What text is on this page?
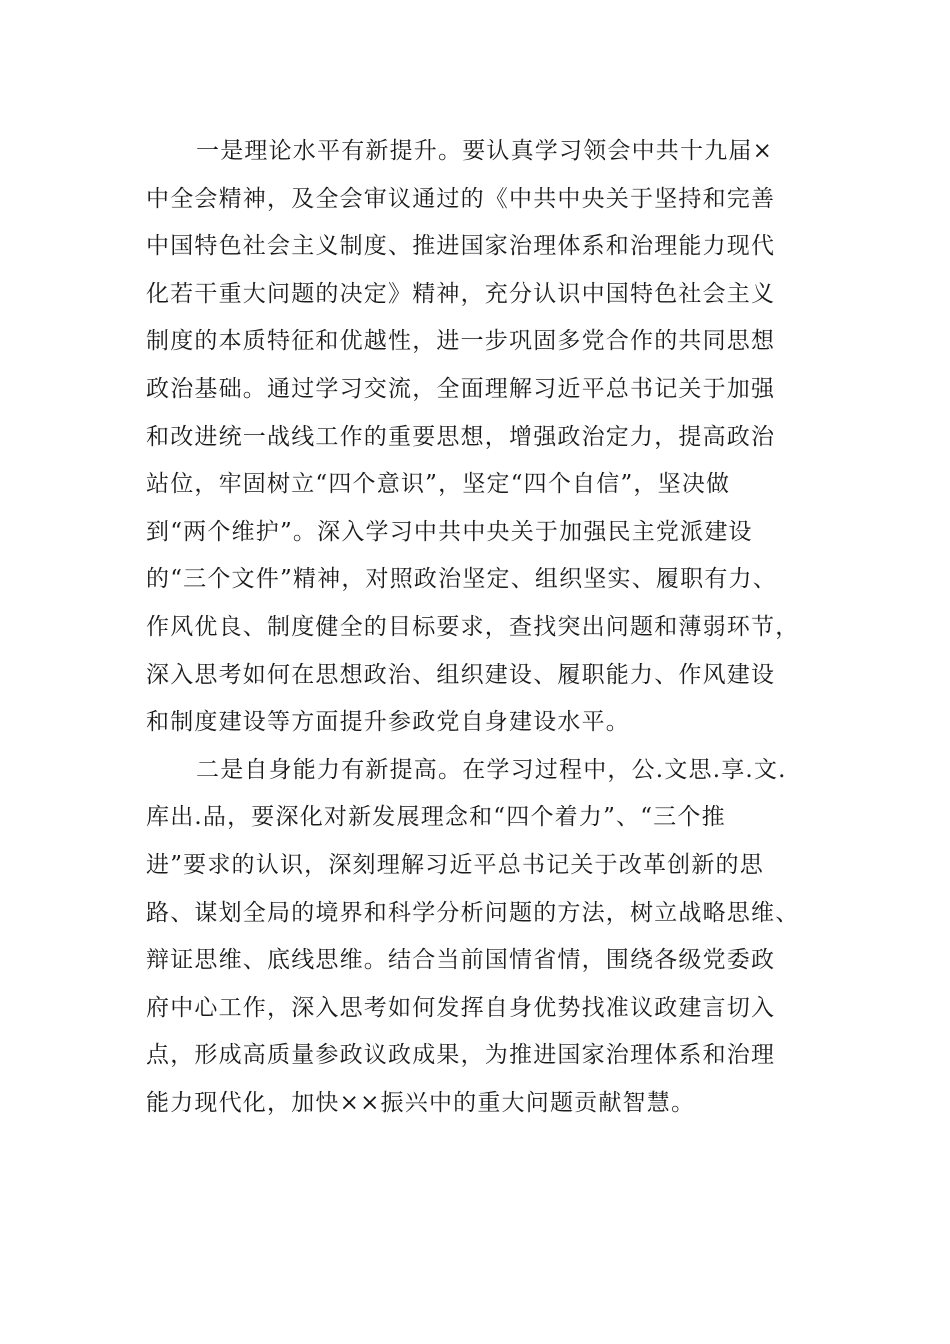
一是理论水平有新提升。要认真学习领会中共十九届×
中全会精神，及全会审议通过的《中共中央关于坚持和完善
中国特色社会主义制度、推进国家治理体系和治理能力现代
化若干重大问题的决定》精神，充分认识中国特色社会主义
制度的本质特征和优越性，进一步巩固多党合作的共同思想
政治基础。通过学习交流，全面理解习近平总书记关于加强
和改进统一战线工作的重要思想，增强政治定力，提高政治
站位，牢固树立“四个意识”，坚定“四个自信”，坚决做
到“两个维护”。深入学习中共中央关于加强民主党派建设
的“三个文件”精神，对照政治坚定、组织坚实、履职有力、
作风优良、制度健全的目标要求，查找突出问题和薄弱环节，
深入思考如何在思想政治、组织建设、履职能力、作风建设
和制度建设等方面提升参政党自身建设水平。
二是自身能力有新提高。在学习过程中，公.文思.享.文.
库出.品，要深化对新发展理念和“四个着力”、“三个推
进”要求的认识，深刻理解习近平总书记关于改革创新的思
路、谋划全局的境界和科学分析问题的方法，树立战略思维、
辩证思维、底线思维。结合当前国情省情，围绕各级党委政
府中心工作，深入思考如何发挥自身优势找准议政建言切入
点，形成高质量参政议政成果，为推进国家治理体系和治理
能力现代化，加快××振兴中的重大问题贡献智慧。
